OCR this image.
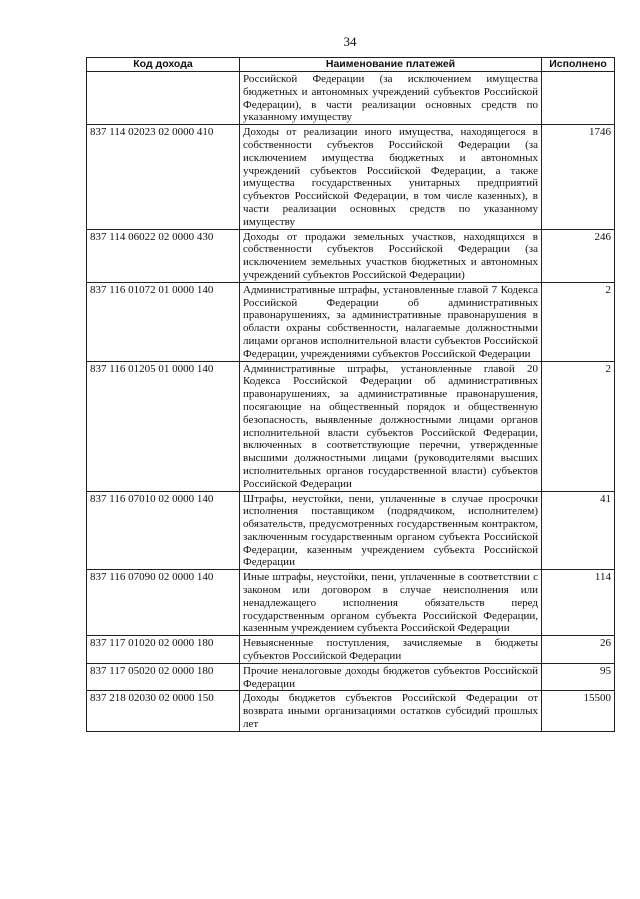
34
Код дохода	Наименование платежей	Исполнено
	Российской Федерации (за исключением имущества бюджетных и автономных учреждений субъектов Российской Федерации), в части реализации основных средств по указанному имуществу	
837 114 02023 02 0000 410	Доходы от реализации иного имущества, находящегося в собственности субъектов Российской Федерации (за исключением имущества бюджетных и автономных учреждений субъектов Российской Федерации, а также имущества государственных унитарных предприятий субъектов Российской Федерации, в том числе казенных), в части реализации основных средств по указанному имуществу	1746
837 114 06022 02 0000 430	Доходы от продажи земельных участков, находящихся в собственности субъектов Российской Федерации (за исключением земельных участков бюджетных и автономных учреждений субъектов Российской Федерации)	246
837 116 01072 01 0000 140	Административные штрафы, установленные главой 7 Кодекса Российской Федерации об административных правонарушениях, за административные правонарушения в области охраны собственности, налагаемые должностными лицами органов исполнительной власти субъектов Российской Федерации, учреждениями субъектов Российской Федерации	2
837 116 01205 01 0000 140	Административные штрафы, установленные главой 20 Кодекса Российской Федерации об административных правонарушениях, за административные правонарушения, посягающие на общественный порядок и общественную безопасность, выявленные должностными лицами органов исполнительной власти субъектов Российской Федерации, включенных в соответствующие перечни, утвержденные высшими должностными лицами (руководителями высших исполнительных органов государственной власти) субъектов Российской Федерации	2
837 116 07010 02 0000 140	Штрафы, неустойки, пени, уплаченные в случае просрочки исполнения поставщиком (подрядчиком, исполнителем) обязательств, предусмотренных государственным контрактом, заключенным государственным органом субъекта Российской Федерации, казенным учреждением субъекта Российской Федерации	41
837 116 07090 02 0000 140	Иные штрафы, неустойки, пени, уплаченные в соответствии с законом или договором в случае неисполнения или ненадлежащего исполнения обязательств перед государственным органом субъекта Российской Федерации, казенным учреждением субъекта Российской Федерации	114
837 117 01020 02 0000 180	Невыясненные поступления, зачисляемые в бюджеты субъектов Российской Федерации	26
837 117 05020 02 0000 180	Прочие неналоговые доходы бюджетов субъектов Российской Федерации	95
837 218 02030 02 0000 150	Доходы бюджетов субъектов Российской Федерации от возврата иными организациями остатков субсидий прошлых лет	15500
